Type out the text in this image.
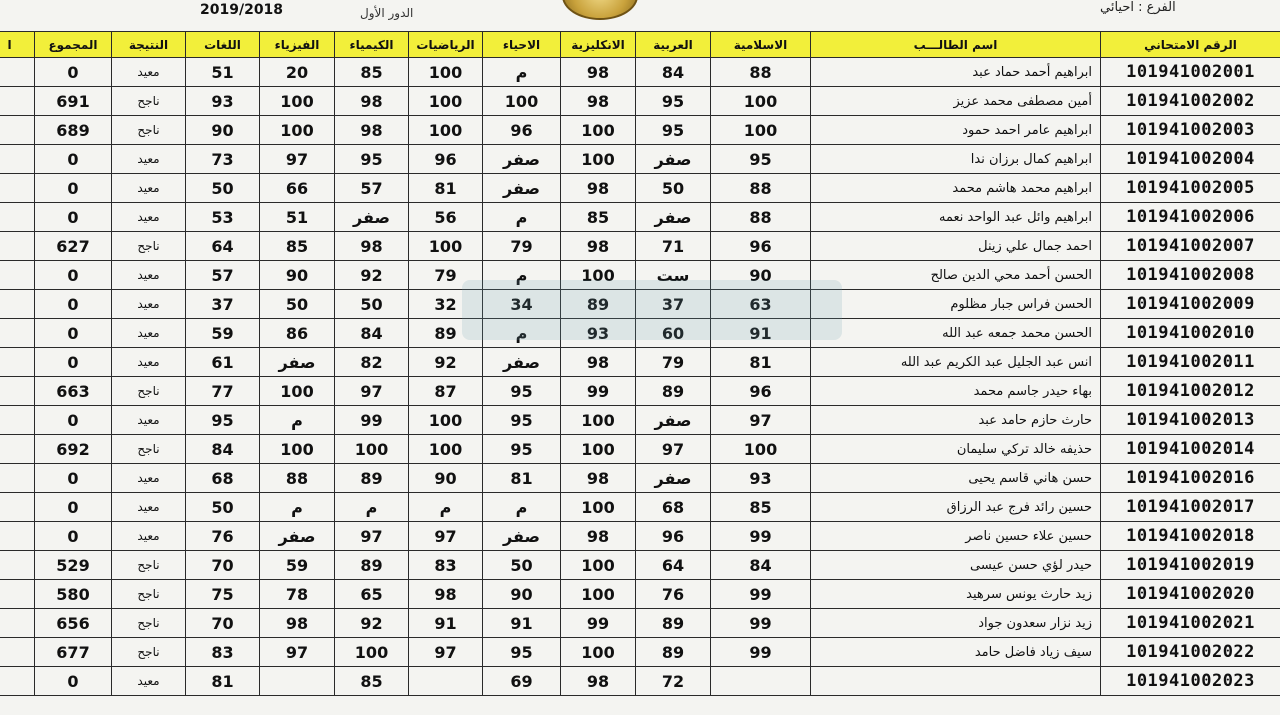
2019/2018	الدور الأول	الفرع : احيائي
الرقم الامتحاني	اسم الطالـــب	الاسلامية	العربية	الانكليزية	الاحياء	الرياضيات	الكيمياء	الفيزياء	اللغات	النتيجة	المجموع	ا
101941002001	ابراهيم أحمد حماد عبد	88	84	98	م	100	85	20	51	معيد	0	
101941002002	أمين مصطفى محمد عزيز	100	95	98	100	100	98	100	93	ناجح	691	
101941002003	ابراهيم عامر احمد حمود	100	95	100	96	100	98	100	90	ناجح	689	
101941002004	ابراهيم كمال برزان ندا	95	صفر	100	صفر	96	95	97	73	معيد	0	
101941002005	ابراهيم محمد هاشم محمد	88	50	98	صفر	81	57	66	50	معيد	0	
101941002006	ابراهيم وائل عبد الواحد نعمه	88	صفر	85	م	56	صفر	51	53	معيد	0	
101941002007	احمد جمال علي زينل	96	71	98	79	100	98	85	64	ناجح	627	
101941002008	الحسن أحمد محي الدين صالح	90	ست	100	م	79	92	90	57	معيد	0	
101941002009	الحسن فراس جبار مظلوم	63	37	89	34	32	50	50	37	معيد	0	
101941002010	الحسن محمد جمعه عبد الله	91	60	93	م	89	84	86	59	معيد	0	
101941002011	انس عبد الجليل عبد الكريم عبد الله	81	79	98	صفر	92	82	صفر	61	معيد	0	
101941002012	بهاء حيدر جاسم محمد	96	89	99	95	87	97	100	77	ناجح	663	
101941002013	حارث حازم حامد عبد	97	صفر	100	95	100	99	م	95	معيد	0	
101941002014	حذيفه خالد تركي سليمان	100	97	100	95	100	100	100	84	ناجح	692	
101941002016	حسن هاني قاسم يحيى	93	صفر	98	81	90	89	88	68	معيد	0	
101941002017	حسين رائد فرج عبد الرزاق	85	68	100	م	م	م	م	50	معيد	0	
101941002018	حسين علاء حسين ناصر	99	96	98	صفر	97	97	صفر	76	معيد	0	
101941002019	حيدر لؤي حسن عيسى	84	64	100	50	83	89	59	70	ناجح	529	
101941002020	زيد حارث يونس سرهيد	99	76	100	90	98	65	78	75	ناجح	580	
101941002021	زيد نزار سعدون جواد	99	89	99	91	91	92	98	70	ناجح	656	
101941002022	سيف زياد فاضل حامد	99	89	100	95	97	100	97	83	ناجح	677	
101941002023			72	98	69		85		81	معيد	0	
